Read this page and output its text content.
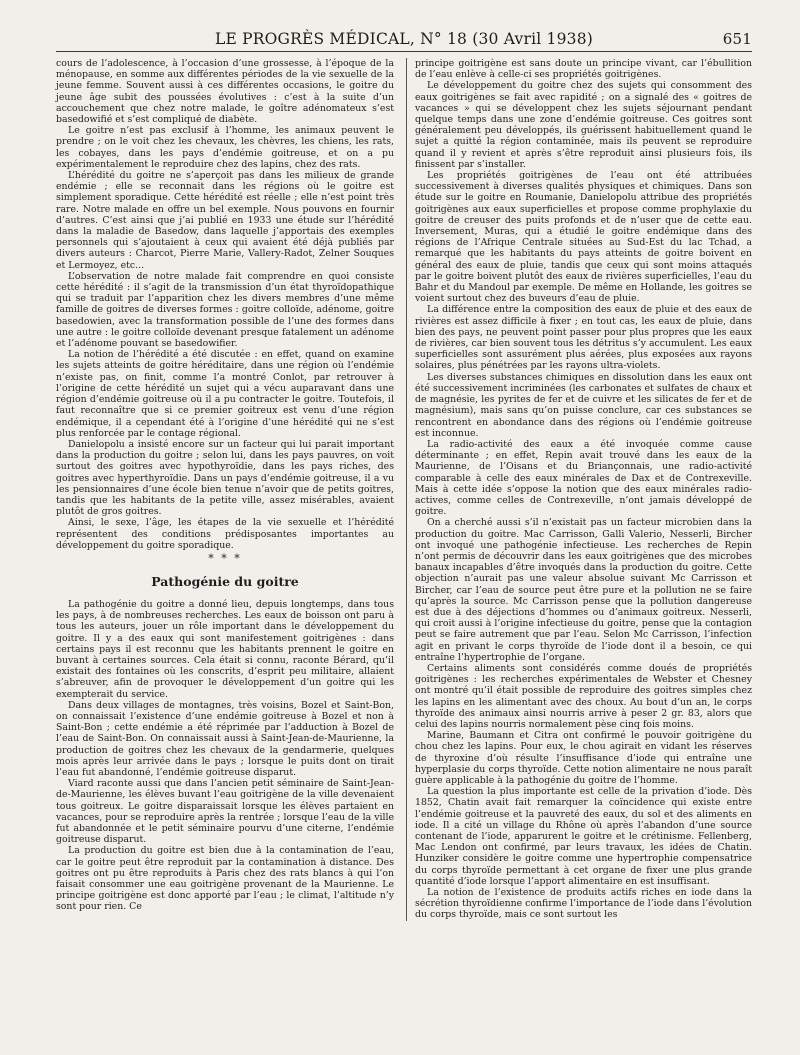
LE PROGRÈS MÉDICAL, N° 18 (30 Avril 1938)	651

cours de l’adolescence, à l’occasion d’une grossesse, à l’époque de la ménopause, en somme aux différentes périodes de la vie sexuelle de la jeune femme. Souvent aussi à ces différentes occasions, le goitre du jeune âge subit des poussées évolutives : c’est à la suite d’un accouchement que chez notre malade, le goître adénomateux s’est basedowifié et s’est compliqué de diabète.

Le goitre n’est pas exclusif à l’homme, les animaux peuvent le prendre ; on le voit chez les chevaux, les chèvres, les chiens, les rats, les cobayes, dans les pays d’endémie goitreuse, et on a pu expérimentalement le reproduire chez des lapins, chez des rats.

L’hérédité du goitre ne s’aperçoit pas dans les milieux de grande endémie ; elle se reconnait dans les régions où le goitre est simplement sporadique. Cette hérédité est réelle ; elle n’est point très rare. Notre malade en offre un bel exemple. Nous pouvons en fournir d’autres. C’est ainsi que j’ai publié en 1933 une étude sur l’hérédité dans la maladie de Basedow, dans laquelle j’apportais des exemples personnels qui s’ajoutaient à ceux qui avaient été déjà publiés par divers auteurs : Charcot, Pierre Marie, Vallery-Radot, Zelner Souques et Lermoyez, etc...

L’observation de notre malade fait comprendre en quoi consiste cette hérédité : il s’agit de la transmission d’un état thyroïdopathique qui se traduit par l’apparition chez les divers membres d’une même famille de goitres de diverses formes : goitre colloïde, adénome, goitre basedowien, avec la transformation possible de l’une des formes dans une autre : le goitre colloïde devenant presque fatalement un adénome et l’adénome pouvant se basedowifier.

La notion de l’hérédité a été discutée : en effet, quand on examine les sujets atteints de goitre héréditaire, dans une région où l’endémie n’existe pas, on finit, comme l’a montré Conlot, par retrouver à l’origine de cette hérédité un sujet qui a vécu auparavant dans une région d’endémie goitreuse où il a pu contracter le goitre. Toutefois, il faut reconnaître que si ce premier goitreux est venu d’une région endémique, il a cependant été à l’origine d’une hérédité qui ne s’est plus renforcée par le contage régional.

Danielopolu a insisté encore sur un facteur qui lui parait important dans la production du goitre ; selon lui, dans les pays pauvres, on voit surtout des goitres avec hypothyroïdie, dans les pays riches, des goitres avec hyperthyroïdie. Dans un pays d’endémie goitreuse, il a vu les pensionnaires d’une école bien tenue n’avoir que de petits goitres, tandis que les habitants de la petite ville, assez misérables, avaient plutôt de gros goitres.

Ainsi, le sexe, l’âge, les étapes de la vie sexuelle et l’hérédité représentent des conditions prédisposantes importantes au développement du goitre sporadique.

* * *
Pathogénie du goitre

La pathogénie du goitre a donné lieu, depuis longtemps, dans tous les pays, à de nombreuses recherches. Les eaux de boisson ont paru à tous les auteurs, jouer un rôle important dans le développement du goitre. Il y a des eaux qui sont manifestement goitrigènes : dans certains pays il est reconnu que les habitants prennent le goitre en buvant à certaines sources. Cela était si connu, raconte Bérard, qu’il existait des fontaines où les conscrits, d’esprit peu militaire, allaient s’abreuver, afin de provoquer le développement d’un goitre qui les exempterait du service.

Dans deux villages de montagnes, très voisins, Bozel et Saint-Bon, on connaissait l’existence d’une endémie goitreuse à Bozel et non à Saint-Bon ; cette endémie a été réprimée par l’adduction à Bozel de l’eau de Saint-Bon. On connaissait aussi à Saint-Jean-de-Maurienne, la production de goitres chez les chevaux de la gendarmerie, quelques mois après leur arrivée dans le pays ; lorsque le puits dont on tirait l’eau fut abandonné, l’endémie goitreuse disparut.

Viard raconte aussi que dans l’ancien petit séminaire de Saint-Jean-de-Maurienne, les élèves buvant l’eau goitrigène de la ville devenaient tous goitreux. Le goitre disparaissait lorsque les élèves partaient en vacances, pour se reproduire après la rentrée ; lorsque l’eau de la ville fut abandonnée et le petit séminaire pourvu d’une citerne, l’endémie goitreuse disparut.

La production du goitre est bien due à la contamination de l’eau, car le goitre peut être reproduit par la contamination à distance. Des goitres ont pu être reproduits à Paris chez des rats blancs à qui l’on faisait consommer une eau goitrigène provenant de la Maurienne. Le principe goitrigène est donc apporté par l’eau ; le climat, l’altitude n’y sont pour rien. Ce

principe goitrigène est sans doute un principe vivant, car l’ébullition de l’eau enlève à celle-ci ses propriétés goitrigènes.

Le développement du goitre chez des sujets qui consomment des eaux goitrigènes se fait avec rapidité ; on a signalé des « goitres de vacances » qui se développent chez les sujets séjournant pendant quelque temps dans une zone d’endémie goitreuse. Ces goitres sont généralement peu développés, ils guérissent habituellement quand le sujet a quitté la région contaminée, mais ils peuvent se reproduire quand il y revient et après s’être reproduit ainsi plusieurs fois, ils finissent par s’installer.

Les propriétés goitrigènes de l’eau ont été attribuées successivement à diverses qualités physiques et chimiques. Dans son étude sur le goitre en Roumanie, Danielopolu attribue des propriétés goitrigènes aux eaux superficielles et propose comme prophylaxie du goitre de creuser des puits profonds et de n’user que de cette eau. Inversement, Muras, qui a étudié le goitre endémique dans des régions de l’Afrique Centrale situées au Sud-Est du lac Tchad, a remarqué que les habitants du pays atteints de goitre boivent en général des eaux de pluie, tandis que ceux qui sont moins attaqués par le goitre boivent plutôt des eaux de rivières superficielles, l’eau du Bahr et du Mandoul par exemple. De même en Hollande, les goitres se voient surtout chez des buveurs d’eau de pluie.

La différence entre la composition des eaux de pluie et des eaux de rivières est assez difficile à fixer ; en tout cas, les eaux de pluie, dans bien des pays, ne peuvent point passer pour plus propres que les eaux de rivières, car bien souvent tous les détritus s’y accumulent. Les eaux superficielles sont assurément plus aérées, plus exposées aux rayons solaires, plus pénétrées par les rayons ultra-violets.

Les diverses substances chimiques en dissolution dans les eaux ont été successivement incriminées (les carbonates et sulfates de chaux et de magnésie, les pyrites de fer et de cuivre et les silicates de fer et de magnésium), mais sans qu’on puisse conclure, car ces substances se rencontrent en abondance dans des régions où l’endémie goitreuse est inconnue.

La radio-activité des eaux a été invoquée comme cause déterminante ; en effet, Repin avait trouvé dans les eaux de la Maurienne, de l’Oisans et du Briançonnais, une radio-activité comparable à celle des eaux minérales de Dax et de Contrexeville. Mais à cette idée s’oppose la notion que des eaux minérales radio-actives, comme celles de Contrexeville, n’ont jamais développé de goitre.

On a cherché aussi s’il n’existait pas un facteur microbien dans la production du goitre. Mac Carrisson, Galli Valerio, Nesserli, Bircher ont invoqué une pathogénie infectieuse. Les recherches de Repin n’ont permis de découvrir dans les eaux goitrigènes que des microbes banaux incapables d’être invoqués dans la production du goitre. Cette objection n’aurait pas une valeur absolue suivant Mc Carrisson et Bircher, car l’eau de source peut être pure et la pollution ne se faire qu’après la source. Mc Carrisson pense que la pollution dangereuse est due à des déjections d’hommes ou d’animaux goitreux. Nesserli, qui croit aussi à l’origine infectieuse du goitre, pense que la contagion peut se faire autrement que par l’eau. Selon Mc Carrisson, l’infection agit en privant le corps thyroïde de l’iode dont il a besoin, ce qui entraîne l’hypertrophie de l’organe.

Certains aliments sont considérés comme doués de propriétés goitrigènes : les recherches expérimentales de Webster et Chesney ont montré qu’il était possible de reproduire des goitres simples chez les lapins en les alimentant avec des choux. Au bout d’un an, le corps thyroïde des animaux ainsi nourris arrive à peser 2 gr. 83, alors que celui des lapins nourris normalement pèse cinq fois moins.

Marine, Baumann et Citra ont confirmé le pouvoir goitrigène du chou chez les lapins. Pour eux, le chou agirait en vidant les réserves de thyroxine d’où résulte l’insuffisance d’iode qui entraîne une hyperplasie du corps thyroïde. Cette notion alimentaire ne nous paraît guère applicable à la pathogénie du goitre de l’homme.

La question la plus importante est celle de la privation d’iode. Dès 1852, Chatin avait fait remarquer la coïncidence qui existe entre l’endémie goitreuse et la pauvreté des eaux, du sol et des aliments en iode. Il a cité un village du Rhône où après l’abandon d’une source contenant de l’iode, apparurent le goitre et le crétinisme. Fellenberg, Mac Lendon ont confirmé, par leurs travaux, les idées de Chatin. Hunziker considère le goitre comme une hypertrophie compensatrice du corps thyroïde permettant à cet organe de fixer une plus grande quantité d’iode lorsque l’apport alimentaire en est insuffisant.

La notion de l’existence de produits actifs riches en iode dans la sécrétion thyroïdienne confirme l’importance de l’iode dans l’évolution du corps thyroïde, mais ce sont surtout les
